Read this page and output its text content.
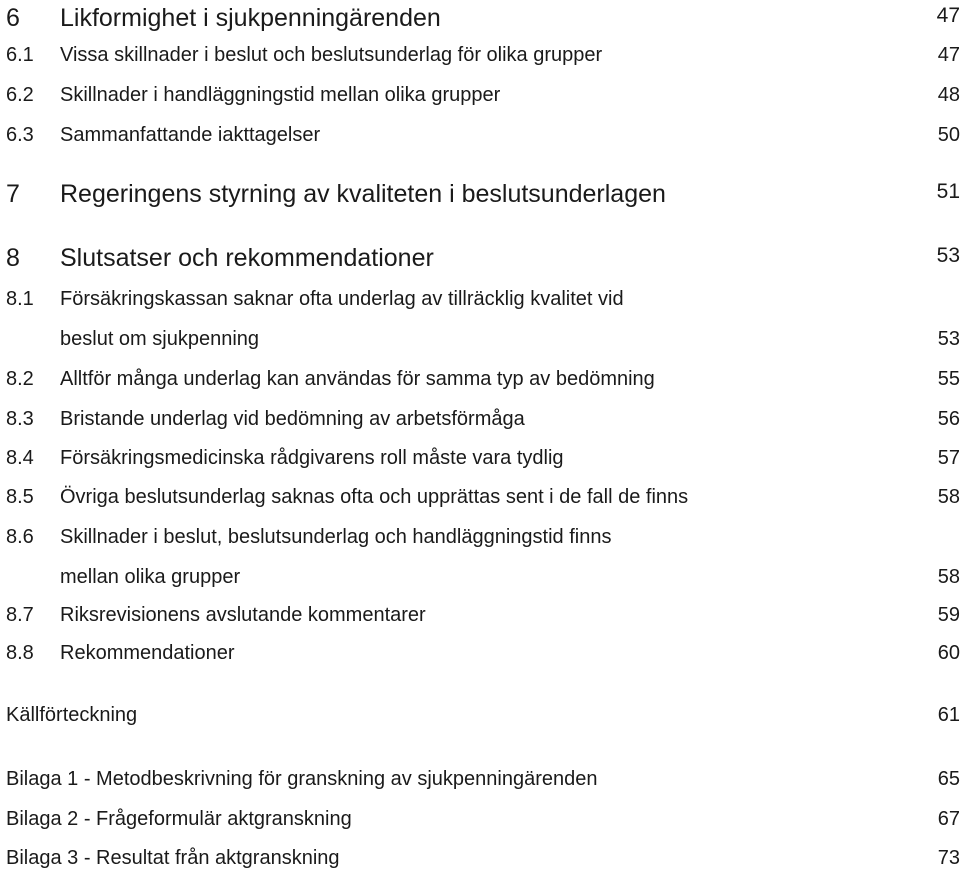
6 Likformighet i sjukpenningärenden	47
6.1 Vissa skillnader i beslut och beslutsunderlag för olika grupper	47
6.2 Skillnader i handläggningstid mellan olika grupper	48
6.3 Sammanfattande iakttagelser	50
7 Regeringens styrning av kvaliteten i beslutsunderlagen	51
8 Slutsatser och rekommendationer	53
8.1 Försäkringskassan saknar ofta underlag av tillräcklig kvalitet vid
beslut om sjukpenning	53
8.2 Alltför många underlag kan användas för samma typ av bedömning	55
8.3 Bristande underlag vid bedömning av arbetsförmåga	56
8.4 Försäkringsmedicinska rådgivarens roll måste vara tydlig	57
8.5 Övriga beslutsunderlag saknas ofta och upprättas sent i de fall de finns	58
8.6 Skillnader i beslut, beslutsunderlag och handläggningstid finns
mellan olika grupper	58
8.7 Riksrevisionens avslutande kommentarer	59
8.8 Rekommendationer	60
Källförteckning	61
Bilaga 1 - Metodbeskrivning för granskning av sjukpenningärenden	65
Bilaga 2 - Frågeformulär aktgranskning	67
Bilaga 3 - Resultat från aktgranskning	73
